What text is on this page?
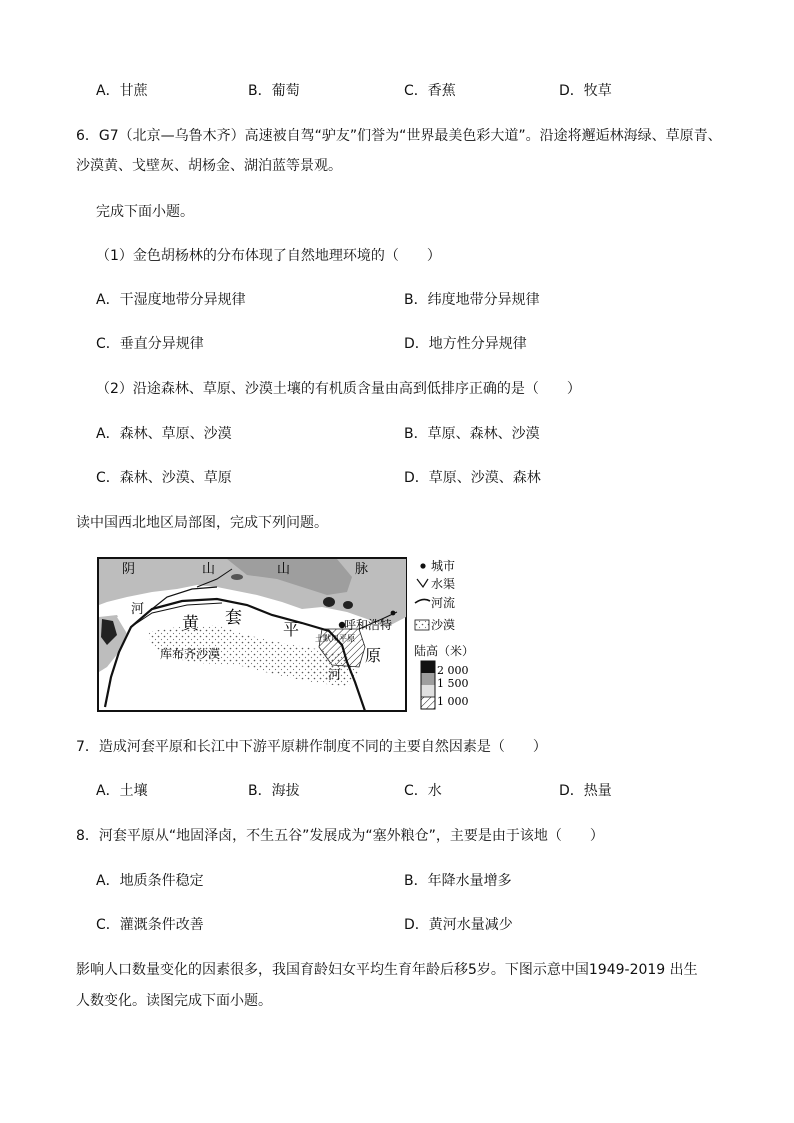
A．甘蔗	B．葡萄	C．香蕉	D．牧草
6．G7（北京—乌鲁木齐）高速被自驾“驴友”们誉为“世界最美色彩大道”。沿途将邂逅林海绿、草原青、
沙漠黄、戈壁灰、胡杨金、湖泊蓝等景观。
完成下面小题。
（1）金色胡杨林的分布体现了自然地理环境的（　　）
A．干湿度地带分异规律	B．纬度地带分异规律
C．垂直分异规律	D．地方性分异规律
（2）沿途森林、草原、沙漠土壤的有机质含量由高到低排序正确的是（　　）
A．森林、草原、沙漠	B．草原、森林、沙漠
C．森林、沙漠、草原	D．草原、沙漠、森林
读中国西北地区局部图，完成下列问题。
阴	山	山	脉
河
黄 套
平
原
河
库布齐沙漠
呼和浩特
土默川平原
城市
水渠
河流
沙漠
陆高（米）
2 000
1 500
1 000
7．造成河套平原和长江中下游平原耕作制度不同的主要自然因素是（　　）
A．土壤	B．海拔	C．水	D．热量
8．河套平原从“地固泽卤，不生五谷”发展成为“塞外粮仓”，主要是由于该地（　　）
A．地质条件稳定	B．年降水量增多
C．灌溉条件改善	D．黄河水量减少
影响人口数量变化的因素很多，我国育龄妇女平均生育年龄后移5岁。下图示意中国1949-2019 出生
人数变化。读图完成下面小题。
